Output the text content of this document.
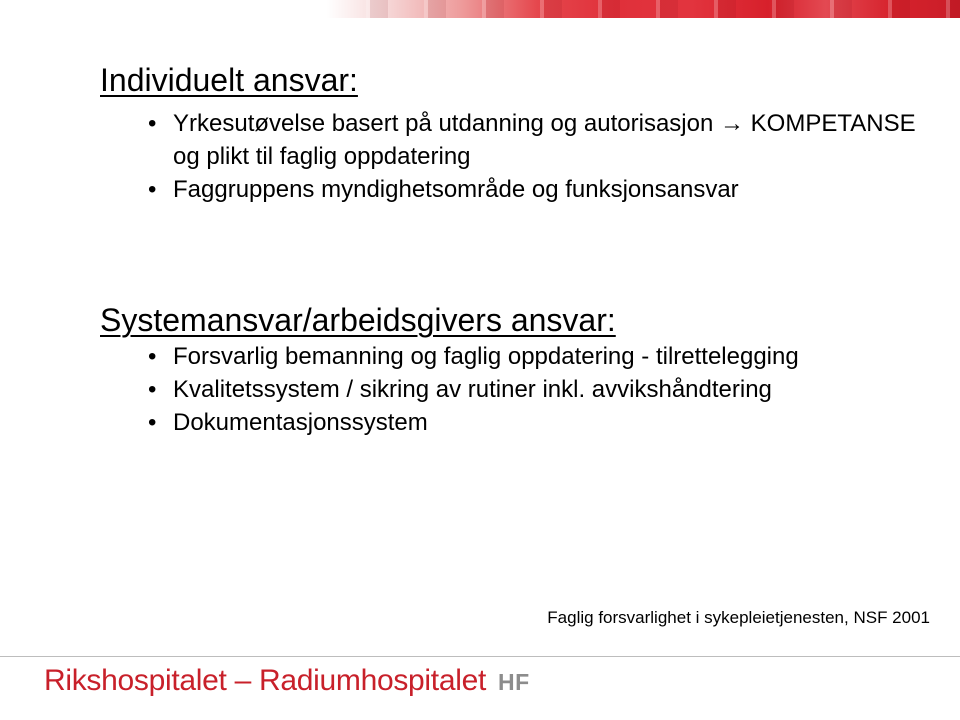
Individuelt ansvar:
• Yrkesutøvelse basert på utdanning og autorisasjon → KOMPETANSE og plikt til faglig oppdatering
• Faggruppens myndighetsområde og funksjonsansvar
Systemansvar/arbeidsgivers ansvar:
• Forsvarlig bemanning og faglig oppdatering - tilrettelegging
• Kvalitetssystem / sikring av rutiner inkl. avvikshåndtering
• Dokumentasjonssystem
Faglig forsvarlighet i sykepleietjenesten, NSF 2001
Rikshospitalet – Radiumhospitalet HF
